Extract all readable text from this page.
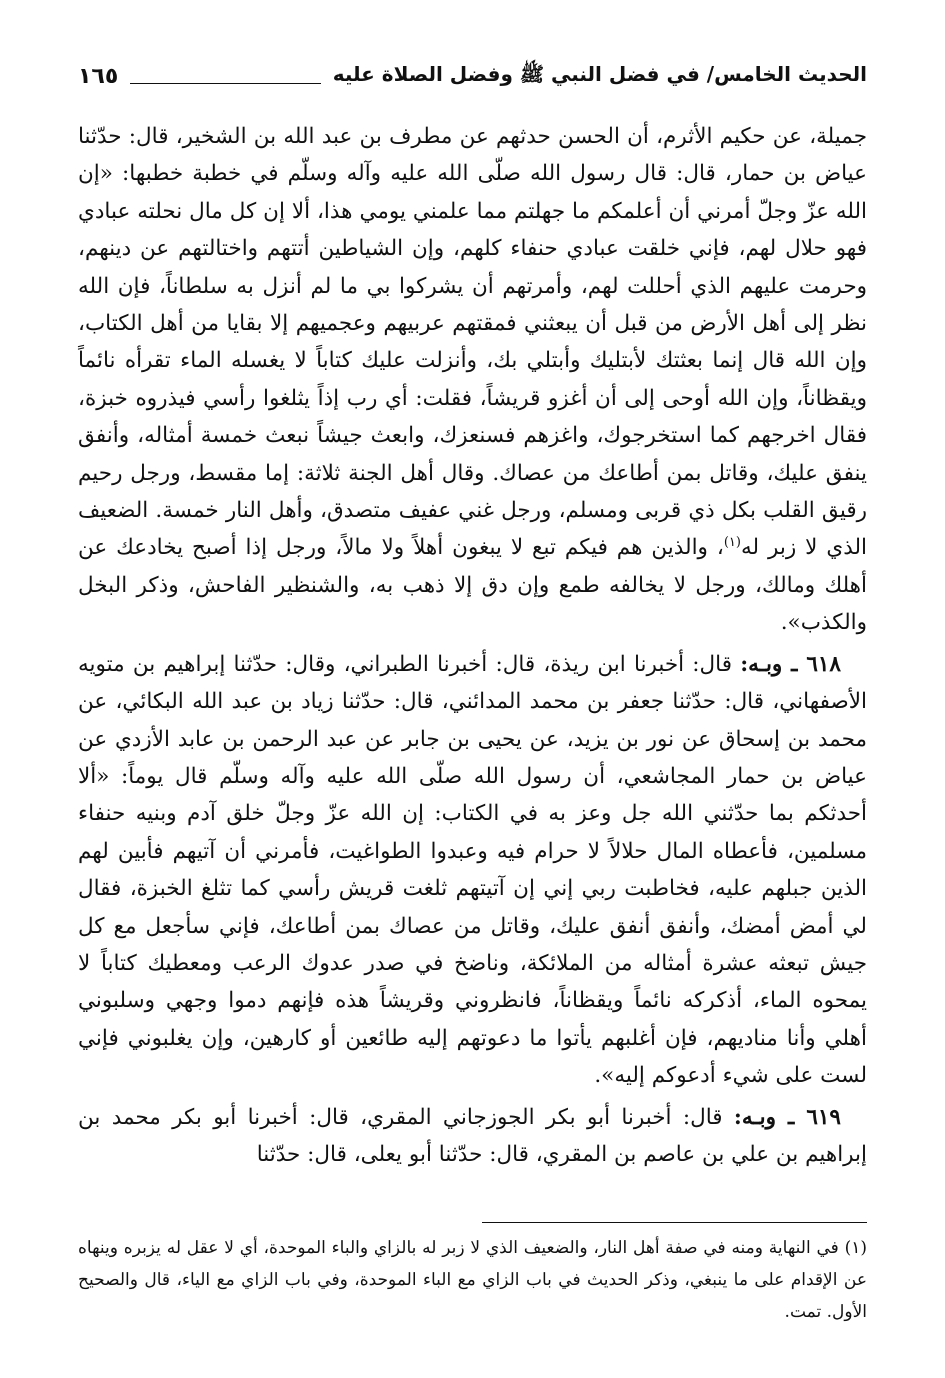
الحديث الخامس/ في فضل النبي ﷺ وفضل الصلاة عليه
١٦٥

جميلة، عن حكيم الأثرم، أن الحسن حدثهم عن مطرف بن عبد الله بن الشخير، قال: حدّثنا عياض بن حمار، قال: قال رسول الله صلّى الله عليه وآله وسلّم في خطبة خطبها: «إن الله عزّ وجلّ أمرني أن أعلمكم ما جهلتم مما علمني يومي هذا، ألا إن كل مال نحلته عبادي فهو حلال لهم، فإني خلقت عبادي حنفاء كلهم، وإن الشياطين أتتهم واختالتهم عن دينهم، وحرمت عليهم الذي أحللت لهم، وأمرتهم أن يشركوا بي ما لم أنزل به سلطاناً، فإن الله نظر إلى أهل الأرض من قبل أن يبعثني فمقتهم عربيهم وعجميهم إلا بقايا من أهل الكتاب، وإن الله قال إنما بعثتك لأبتليك وأبتلي بك، وأنزلت عليك كتاباً لا يغسله الماء تقرأه نائماً ويقظاناً، وإن الله أوحى إلى أن أغزو قريشاً، فقلت: أي رب إذاً يثلغوا رأسي فيذروه خبزة، فقال اخرجهم كما استخرجوك، واغزهم فسنعزك، وابعث جيشاً نبعث خمسة أمثاله، وأنفق ينفق عليك، وقاتل بمن أطاعك من عصاك. وقال أهل الجنة ثلاثة: إما مقسط، ورجل رحيم رقيق القلب بكل ذي قربى ومسلم، ورجل غني عفيف متصدق، وأهل النار خمسة. الضعيف الذي لا زبر له$^{(١)}$، والذين هم فيكم تبع لا يبغون أهلاً ولا مالاً، ورجل إذا أصبح يخادعك عن أهلك ومالك، ورجل لا يخالفه طمع وإن دق إلا ذهب به، والشنظير الفاحش، وذكر البخل والكذب».

٦١٨ ـ وبـه: قال: أخبرنا ابن ريذة، قال: أخبرنا الطبراني، وقال: حدّثنا إبراهيم بن متويه الأصفهاني، قال: حدّثنا جعفر بن محمد المدائني، قال: حدّثنا زياد بن عبد الله البكائي، عن محمد بن إسحاق عن نور بن يزيد، عن يحيى بن جابر عن عبد الرحمن بن عابد الأزدي عن عياض بن حمار المجاشعي، أن رسول الله صلّى الله عليه وآله وسلّم قال يوماً: «ألا أحدثكم بما حدّثني الله جل وعز به في الكتاب: إن الله عزّ وجلّ خلق آدم وبنيه حنفاء مسلمين، فأعطاه المال حلالاً لا حرام فيه وعبدوا الطواغيت، فأمرني أن آتيهم فأبين لهم الذين جبلهم عليه، فخاطبت ربي إني إن آتيتهم ثلغت قريش رأسي كما تثلغ الخبزة، فقال لي أمض أمضك، وأنفق أنفق عليك، وقاتل من عصاك بمن أطاعك، فإني سأجعل مع كل جيش تبعثه عشرة أمثاله من الملائكة، وناضخ في صدر عدوك الرعب ومعطيك كتاباً لا يمحوه الماء، أذكركه نائماً ويقظاناً، فانظروني وقريشاً هذه فإنهم دموا وجهي وسلبوني أهلي وأنا مناديهم، فإن أغلبهم يأتوا ما دعوتهم إليه طائعين أو كارهين، وإن يغلبوني فإني لست على شيء أدعوكم إليه».

٦١٩ ـ وبـه: قال: أخبرنا أبو بكر الجوزجاني المقري، قال: أخبرنا أبو بكر محمد بن إبراهيم بن علي بن عاصم بن المقري، قال: حدّثنا أبو يعلى، قال: حدّثنا

(١) في النهاية ومنه في صفة أهل النار، والضعيف الذي لا زبر له بالزاي والباء الموحدة، أي لا عقل له يزبره وينهاه عن الإقدام على ما ينبغي، وذكر الحديث في باب الزاي مع الباء الموحدة، وفي باب الزاي مع الياء، قال والصحيح الأول. تمت.
